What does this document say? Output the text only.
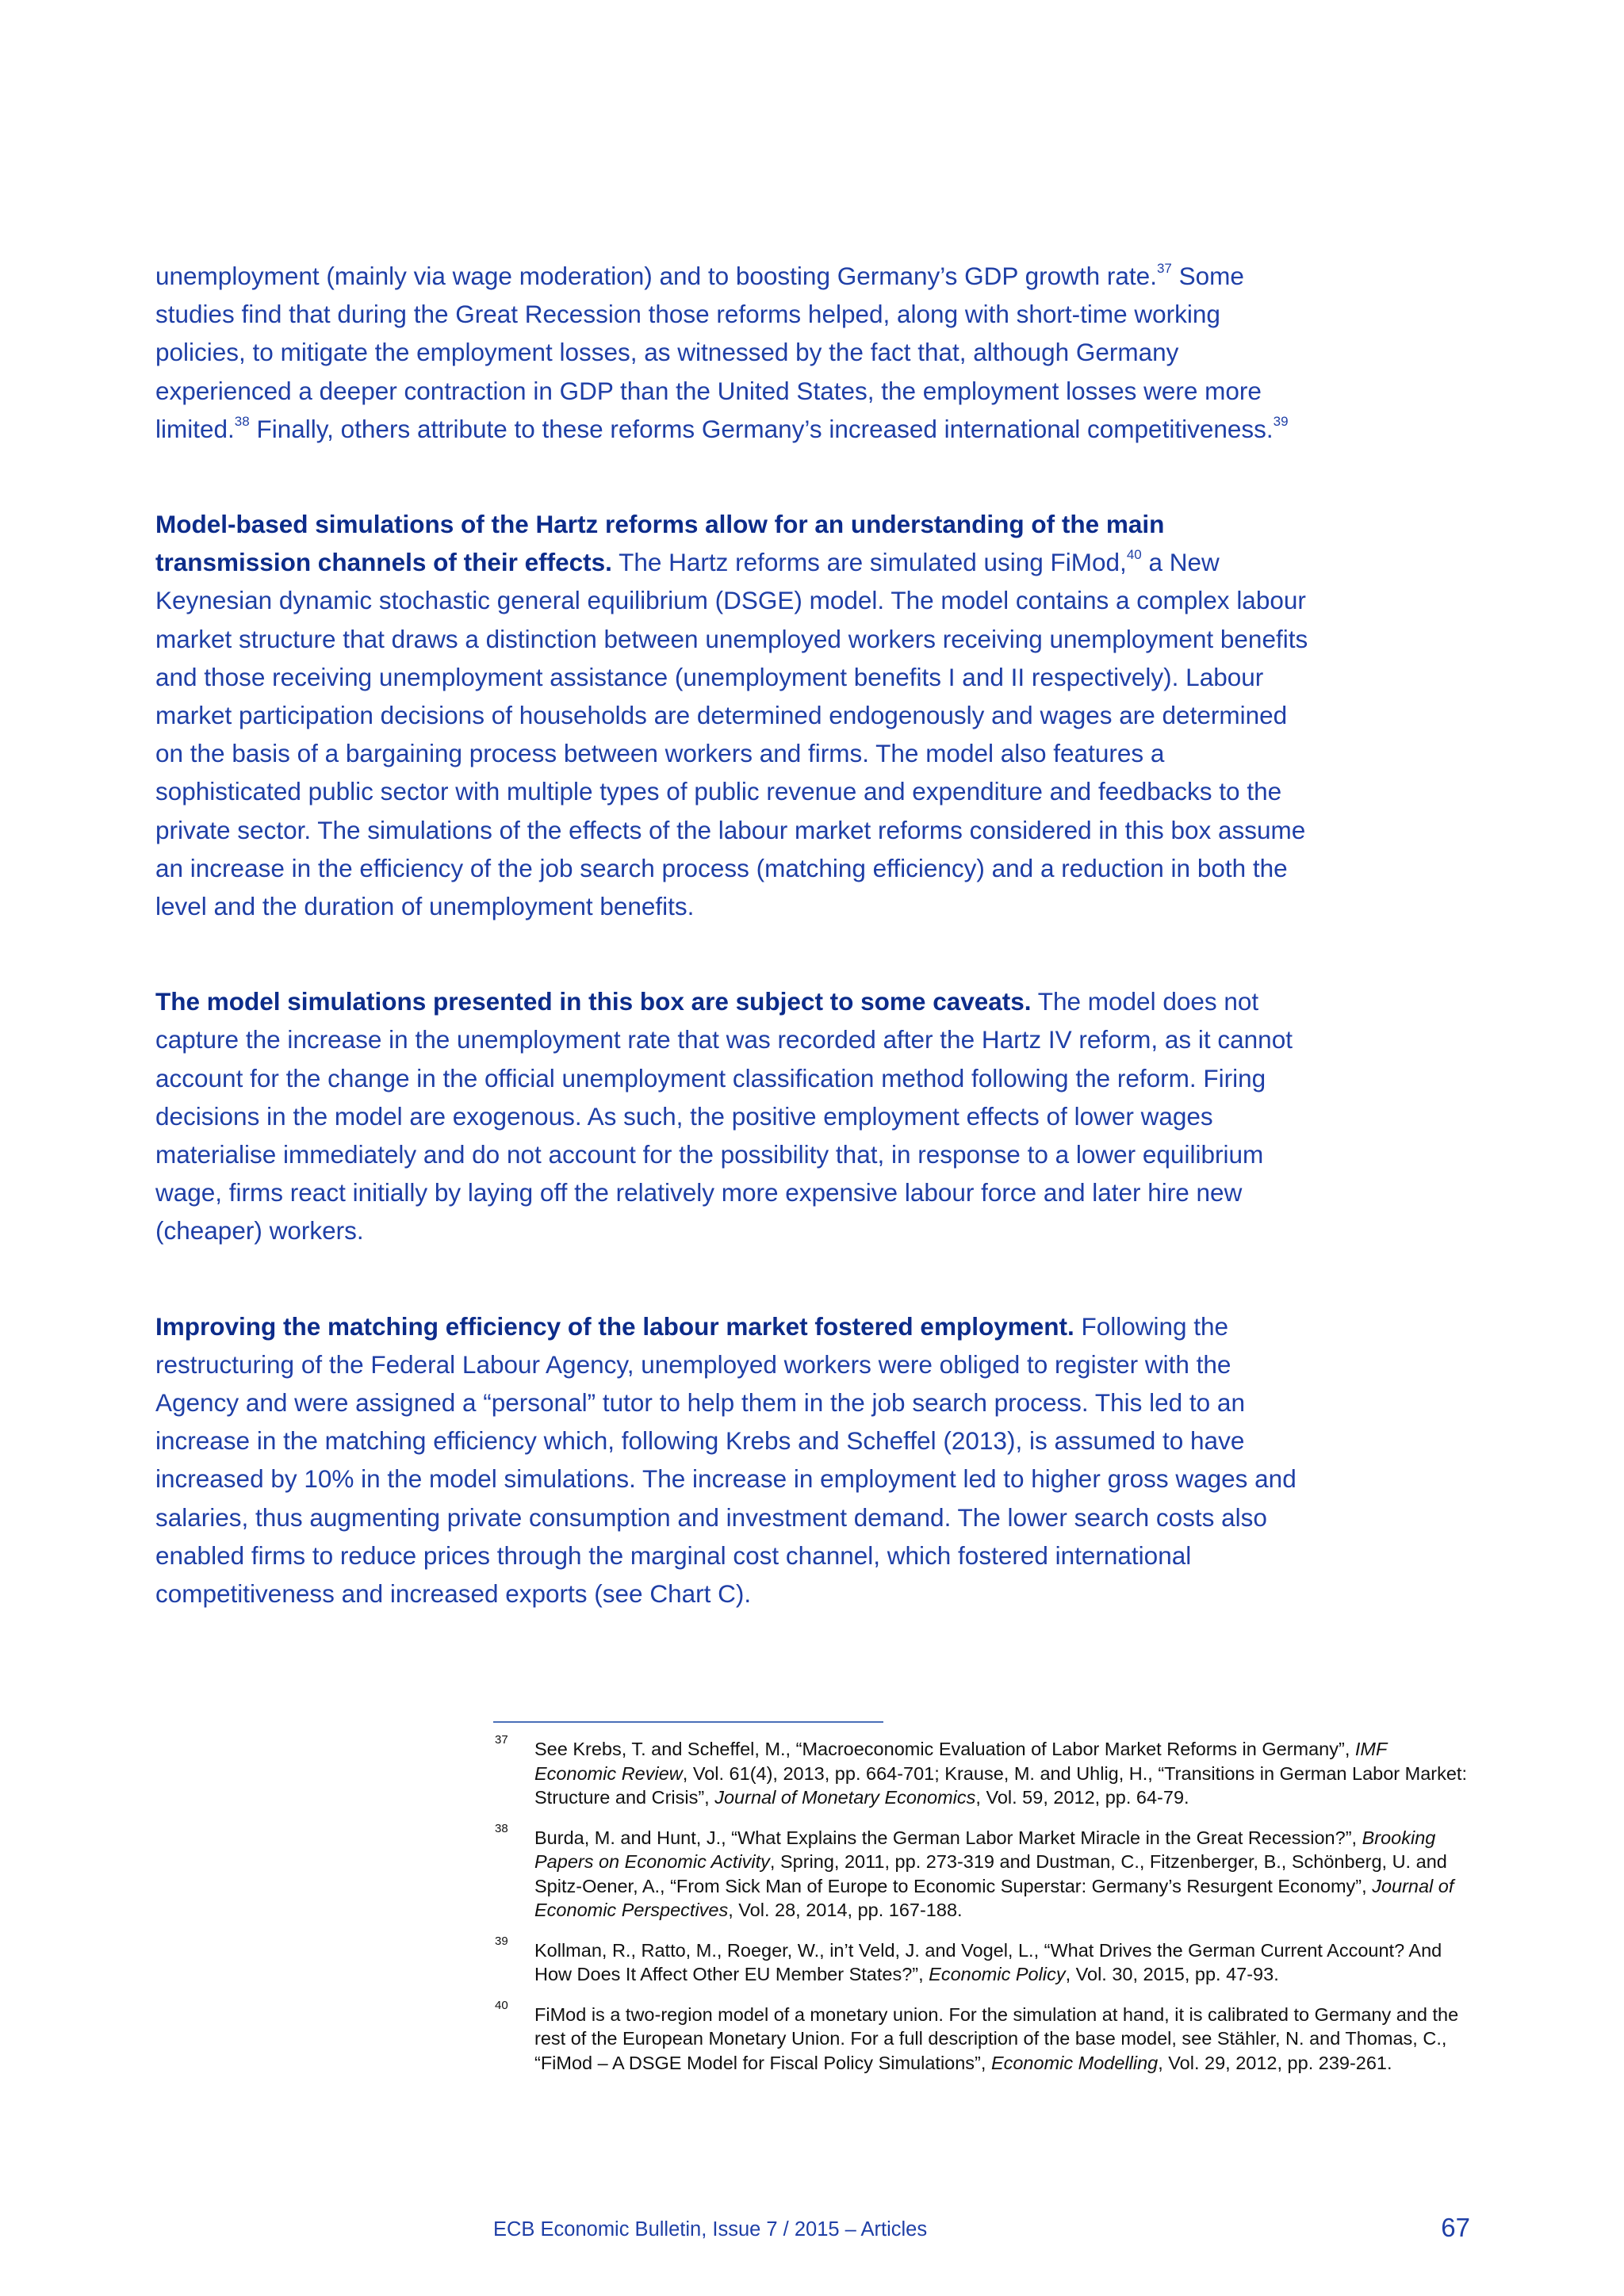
unemployment (mainly via wage moderation) and to boosting Germany’s GDP growth rate.$^{37}$ Some studies find that during the Great Recession those reforms helped, along with short-time working policies, to mitigate the employment losses, as witnessed by the fact that, although Germany experienced a deeper contraction in GDP than the United States, the employment losses were more limited.$^{38}$ Finally, others attribute to these reforms Germany’s increased international competitiveness.$^{39}$

Model-based simulations of the Hartz reforms allow for an understanding of the main transmission channels of their effects. The Hartz reforms are simulated using FiMod,$^{40}$ a New Keynesian dynamic stochastic general equilibrium (DSGE) model. The model contains a complex labour market structure that draws a distinction between unemployed workers receiving unemployment benefits and those receiving unemployment assistance (unemployment benefits I and II respectively). Labour market participation decisions of households are determined endogenously and wages are determined on the basis of a bargaining process between workers and firms. The model also features a sophisticated public sector with multiple types of public revenue and expenditure and feedbacks to the private sector. The simulations of the effects of the labour market reforms considered in this box assume an increase in the efficiency of the job search process (matching efficiency) and a reduction in both the level and the duration of unemployment benefits.

The model simulations presented in this box are subject to some caveats. The model does not capture the increase in the unemployment rate that was recorded after the Hartz IV reform, as it cannot account for the change in the official unemployment classification method following the reform. Firing decisions in the model are exogenous. As such, the positive employment effects of lower wages materialise immediately and do not account for the possibility that, in response to a lower equilibrium wage, firms react initially by laying off the relatively more expensive labour force and later hire new (cheaper) workers.

Improving the matching efficiency of the labour market fostered employment. Following the restructuring of the Federal Labour Agency, unemployed workers were obliged to register with the Agency and were assigned a “personal” tutor to help them in the job search process. This led to an increase in the matching efficiency which, following Krebs and Scheffel (2013), is assumed to have increased by 10% in the model simulations. The increase in employment led to higher gross wages and salaries, thus augmenting private consumption and investment demand. The lower search costs also enabled firms to reduce prices through the marginal cost channel, which fostered international competitiveness and increased exports (see Chart C).

37 See Krebs, T. and Scheffel, M., “Macroeconomic Evaluation of Labor Market Reforms in Germany”, IMF Economic Review, Vol. 61(4), 2013, pp. 664-701; Krause, M. and Uhlig, H., “Transitions in German Labor Market: Structure and Crisis”, Journal of Monetary Economics, Vol. 59, 2012, pp. 64-79.
38 Burda, M. and Hunt, J., “What Explains the German Labor Market Miracle in the Great Recession?”, Brooking Papers on Economic Activity, Spring, 2011, pp. 273-319 and Dustman, C., Fitzenberger, B., Schönberg, U. and Spitz-Oener, A., “From Sick Man of Europe to Economic Superstar: Germany’s Resurgent Economy”, Journal of Economic Perspectives, Vol. 28, 2014, pp. 167-188.
39 Kollman, R., Ratto, M., Roeger, W., in’t Veld, J. and Vogel, L., “What Drives the German Current Account? And How Does It Affect Other EU Member States?”, Economic Policy, Vol. 30, 2015, pp. 47-93.
40 FiMod is a two-region model of a monetary union. For the simulation at hand, it is calibrated to Germany and the rest of the European Monetary Union. For a full description of the base model, see Stähler, N. and Thomas, C., “FiMod – A DSGE Model for Fiscal Policy Simulations”, Economic Modelling, Vol. 29, 2012, pp. 239-261.
ECB Economic Bulletin, Issue 7 / 2015 – Articles	67
